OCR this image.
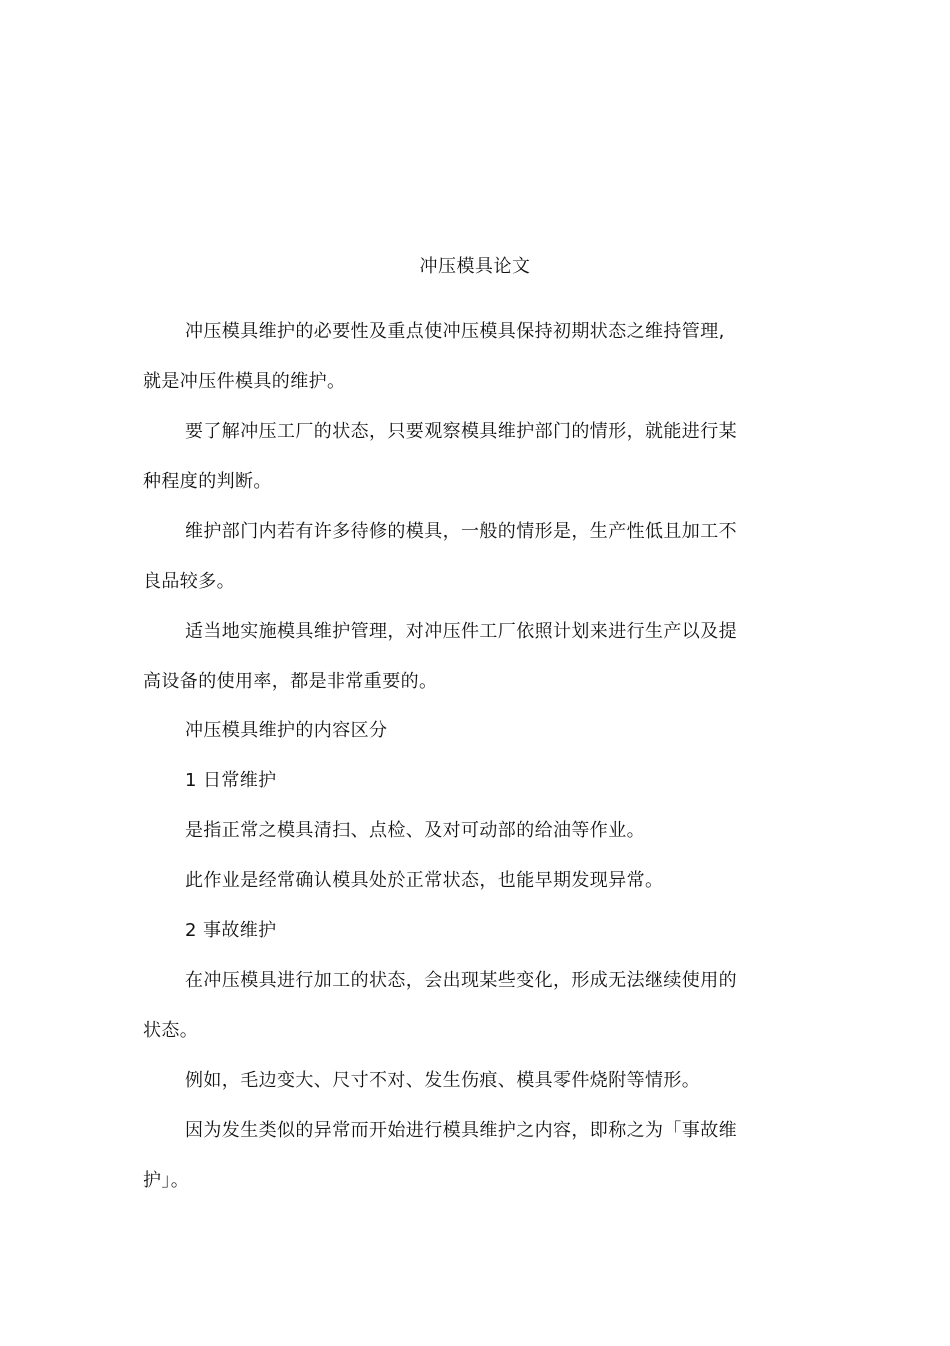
冲压模具论文
冲压模具维护的必要性及重点使冲压模具保持初期状态之维持管理,
就是冲压件模具的维护。
要了解冲压工厂的状态，只要观察模具维护部门的情形，就能进行某
种程度的判断。
维护部门内若有许多待修的模具，一般的情形是，生产性低且加工不
良品较多。
适当地实施模具维护管理，对冲压件工厂依照计划来进行生产以及提
高设备的使用率，都是非常重要的。
冲压模具维护的内容区分
1 日常维护
是指正常之模具清扫、点检、及对可动部的给油等作业。
此作业是经常确认模具处於正常状态，也能早期发现异常。
2 事故维护
在冲压模具进行加工的状态，会出现某些变化，形成无法继续使用的
状态。
例如，毛边变大、尺寸不对、发生伤痕、模具零件烧附等情形。
因为发生类似的异常而开始进行模具维护之内容，即称之为「事故维
护」。
